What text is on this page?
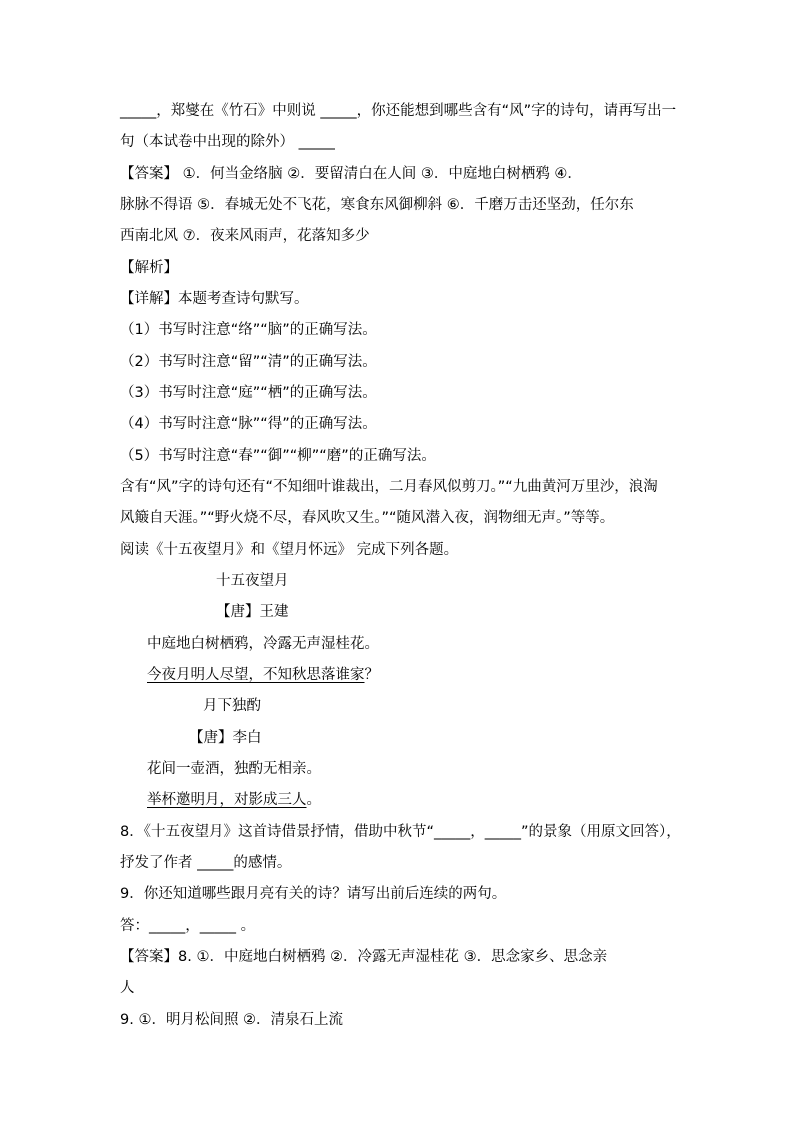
_____，郑燮在《竹石》中则说 _____，你还能想到哪些含有“风”字的诗句，请再写出一

句（本试卷中出现的除外） _____

【答案】 ①．何当金络脑 ②．要留清白在人间 ③．中庭地白树栖鸦 ④．

脉脉不得语 ⑤．春城无处不飞花，寒食东风御柳斜 ⑥．千磨万击还坚劲，任尔东

西南北风 ⑦．夜来风雨声，花落知多少

【解析】

【详解】本题考查诗句默写。

（1）书写时注意“络”“脑”的正确写法。

（2）书写时注意“留”“清”的正确写法。

（3）书写时注意“庭”“栖”的正确写法。

（4）书写时注意“脉”“得”的正确写法。

（5）书写时注意“春”“御”“柳”“磨”的正确写法。

含有“风”字的诗句还有“不知细叶谁裁出，二月春风似剪刀。”“九曲黄河万里沙，浪淘

风簸自天涯。”“野火烧不尽，春风吹又生。”“随风潜入夜，润物细无声。”等等。

阅读《十五夜望月》和《望月怀远》 完成下列各题。

十五夜望月

【唐】王建

中庭地白树栖鸦，冷露无声湿桂花。

今夜月明人尽望，不知秋思落谁家？

月下独酌

【唐】李白

花间一壶酒，独酌无相亲。

举杯邀明月，对影成三人。

8．《十五夜望月》这首诗借景抒情，借助中秋节“_____，_____”的景象（用原文回答），

抒发了作者 _____的感情。

9．你还知道哪些跟月亮有关的诗？请写出前后连续的两句。

答：_____，_____ 。

【答案】8. ①．中庭地白树栖鸦 ②．冷露无声湿桂花 ③．思念家乡、思念亲

人

9. ①．明月松间照 ②．清泉石上流
